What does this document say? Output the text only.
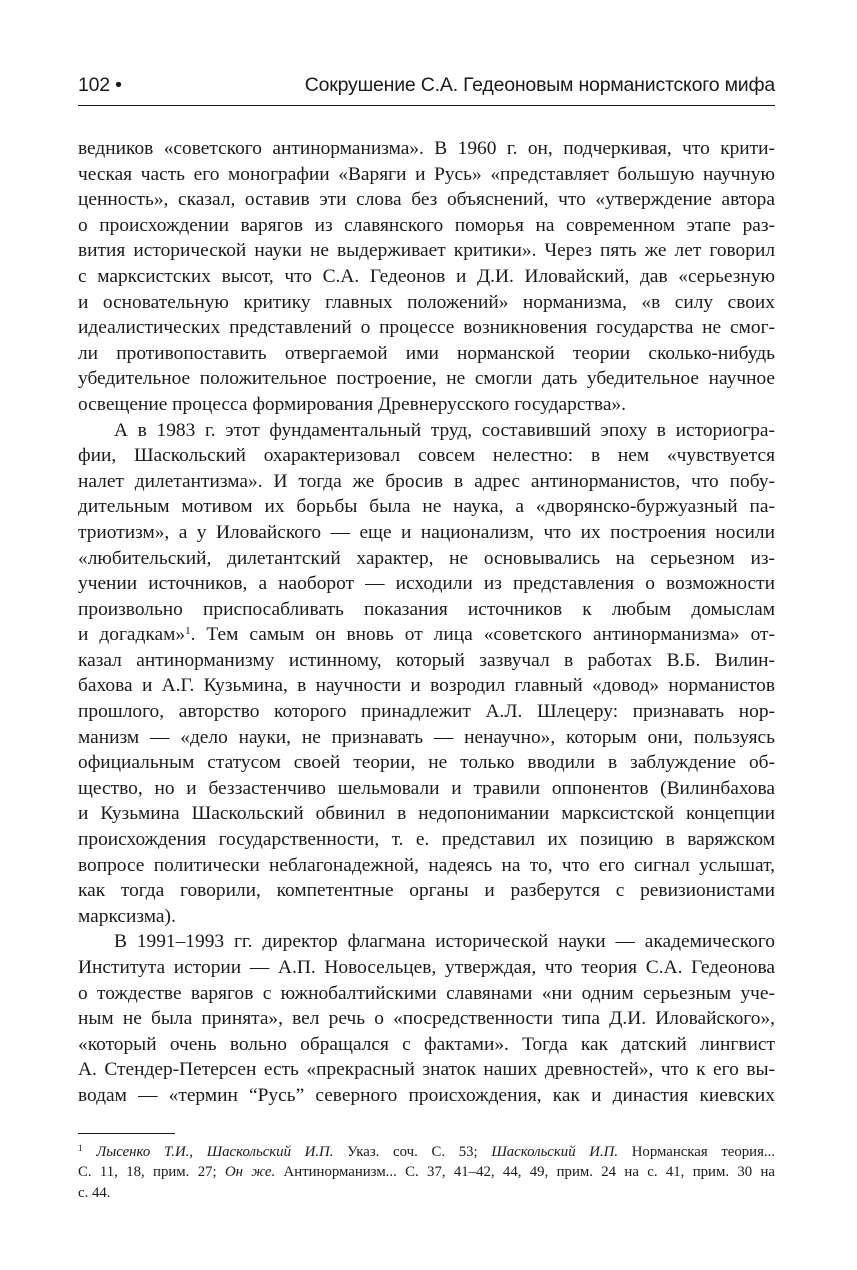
102 •	Сокрушение С.А. Гедеоновым норманистского мифа

ведников «советского антинорманизма». В 1960 г. он, подчеркивая, что крити-

ческая часть его монографии «Варяги и Русь» «представляет большую научную

ценность», сказал, оставив эти слова без объяснений, что «утверждение автора

о происхождении варягов из славянского поморья на современном этапе раз-

вития исторической науки не выдерживает критики». Через пять же лет говорил

с марксистских высот, что С.А. Гедеонов и Д.И. Иловайский, дав «серьезную

и основательную критику главных положений» норманизма, «в силу своих

идеалистических представлений о процессе возникновения государства не смог-

ли противопоставить отвергаемой ими норманской теории сколько-нибудь

убедительное положительное построение, не смогли дать убедительное научное

освещение процесса формирования Древнерусского государства».

А в 1983 г. этот фундаментальный труд, составивший эпоху в историогра-

фии, Шаскольский охарактеризовал совсем нелестно: в нем «чувствуется

налет дилетантизма». И тогда же бросив в адрес антинорманистов, что побу-

дительным мотивом их борьбы была не наука, а «дворянско-буржуазный па-

триотизм», а у Иловайского — еще и национализм, что их построения носили

«любительский, дилетантский характер, не основывались на серьезном из-

учении источников, а наоборот — исходили из представления о возможности

произвольно приспосабливать показания источников к любым домыслам

и догадкам»$^1$. Тем самым он вновь от лица «советского антинорманизма» от-

казал антинорманизму истинному, который зазвучал в работах В.Б. Вилин-

бахова и А.Г. Кузьмина, в научности и возродил главный «довод» норманистов

прошлого, авторство которого принадлежит А.Л. Шлецеру: признавать нор-

манизм — «дело науки, не признавать — ненаучно», которым они, пользуясь

официальным статусом своей теории, не только вводили в заблуждение об-

щество, но и беззастенчиво шельмовали и травили оппонентов (Вилинбахова

и Кузьмина Шаскольский обвинил в недопонимании марксистской концепции

происхождения государственности, т. е. представил их позицию в варяжском

вопросе политически неблагонадежной, надеясь на то, что его сигнал услышат,

как тогда говорили, компетентные органы и разберутся с ревизионистами

марксизма).

В 1991–1993 гг. директор флагмана исторической науки — академического

Института истории — А.П. Новосельцев, утверждая, что теория С.А. Гедеонова

о тождестве варягов с южнобалтийскими славянами «ни одним серьезным уче-

ным не была принята», вел речь о «посредственности типа Д.И. Иловайского»,

«который очень вольно обращался с фактами». Тогда как датский лингвист

А. Стендер-Петерсен есть «прекрасный знаток наших древностей», что к его вы-

водам — «термин “Русь” северного происхождения, как и династия киевских

$^1$ Лысенко Т.И., Шаскольский И.П. Указ. соч. С. 53; Шаскольский И.П. Норманская теория...

С. 11, 18, прим. 27; Он же. Антинорманизм... С. 37, 41–42, 44, 49, прим. 24 на с. 41, прим. 30 на

с. 44.
